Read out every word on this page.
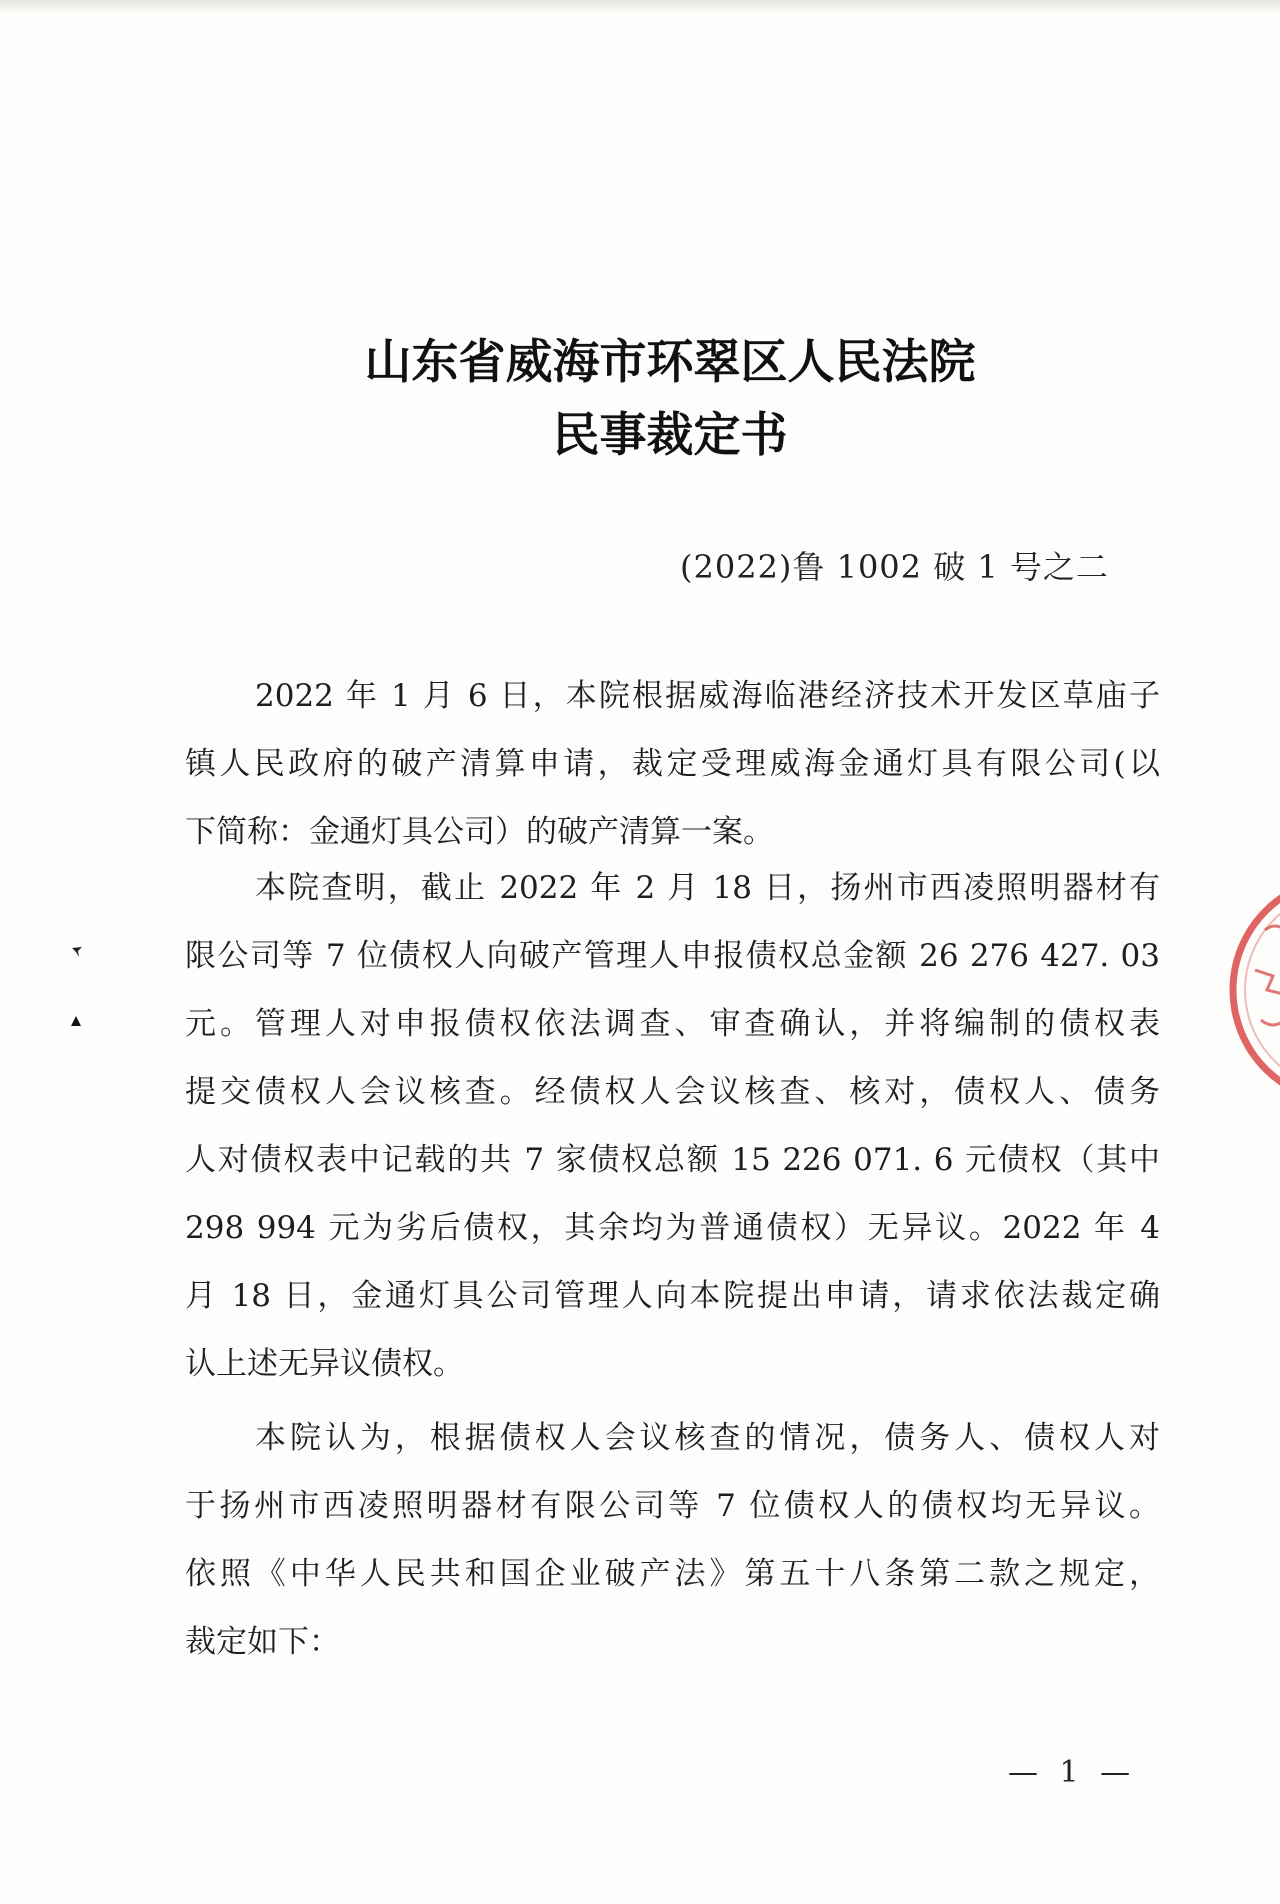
山东省威海市环翠区人民法院
民事裁定书
(2022)鲁 1002 破 1 号之二
2022 年 1 月 6 日，本院根据威海临港经济技术开发区草庙子
镇人民政府的破产清算申请，裁定受理威海金通灯具有限公司(以
下简称：金通灯具公司）的破产清算一案。
本院查明，截止 2022 年 2 月 18 日，扬州市西凌照明器材有
限公司等 7 位债权人向破产管理人申报债权总金额 26 276 427. 03
元。管理人对申报债权依法调查、审查确认，并将编制的债权表
提交债权人会议核查。经债权人会议核查、核对，债权人、债务
人对债权表中记载的共 7 家债权总额 15 226 071. 6 元债权（其中
298 994 元为劣后债权，其余均为普通债权）无异议。2022 年 4
月 18 日，金通灯具公司管理人向本院提出申请，请求依法裁定确
认上述无异议债权。
本院认为，根据债权人会议核查的情况，债务人、债权人对
于扬州市西凌照明器材有限公司等 7 位债权人的债权均无异议。
依照《中华人民共和国企业破产法》第五十八条第二款之规定，
裁定如下：
— 1 —
